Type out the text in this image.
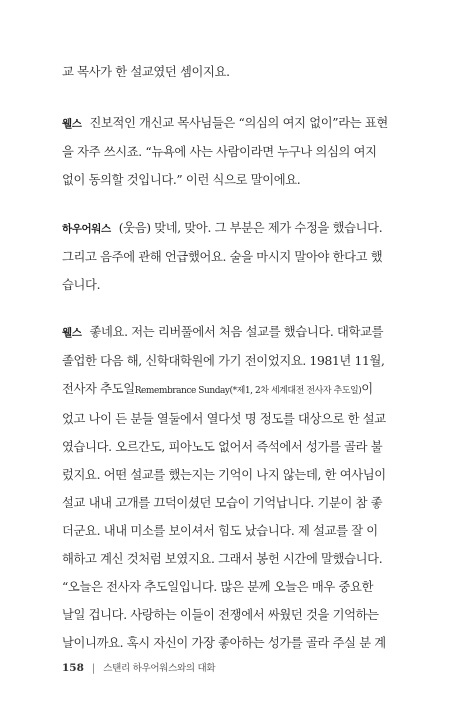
교 목사가 한 설교였던 셈이지요.

웰스 진보적인 개신교 목사님들은 “의심의 여지 없이”라는 표현
을 자주 쓰시죠. “뉴욕에 사는 사람이라면 누구나 의심의 여지
없이 동의할 것입니다.” 이런 식으로 말이에요.

하우어워스 (웃음) 맞네, 맞아. 그 부분은 제가 수정을 했습니다.
그리고 음주에 관해 언급했어요. 술을 마시지 말아야 한다고 했
습니다.

웰스 좋네요. 저는 리버풀에서 처음 설교를 했습니다. 대학교를
졸업한 다음 해, 신학대학원에 가기 전이었지요. 1981년 11월,
전사자 추도일Remembrance Sunday(*제1, 2차 세계대전 전사자 추도일)이
었고 나이 든 분들 열둘에서 열다섯 명 정도를 대상으로 한 설교
였습니다. 오르간도, 피아노도 없어서 즉석에서 성가를 골라 불
렀지요. 어떤 설교를 했는지는 기억이 나지 않는데, 한 여사님이
설교 내내 고개를 끄덕이셨던 모습이 기억납니다. 기분이 참 좋
더군요. 내내 미소를 보이셔서 힘도 났습니다. 제 설교를 잘 이
해하고 계신 것처럼 보였지요. 그래서 봉헌 시간에 말했습니다.
“오늘은 전사자 추도일입니다. 많은 분께 오늘은 매우 중요한
날일 겁니다. 사랑하는 이들이 전쟁에서 싸웠던 것을 기억하는
날이니까요. 혹시 자신이 가장 좋아하는 성가를 골라 주실 분 계

158 | 스탠리 하우어워스와의 대화
